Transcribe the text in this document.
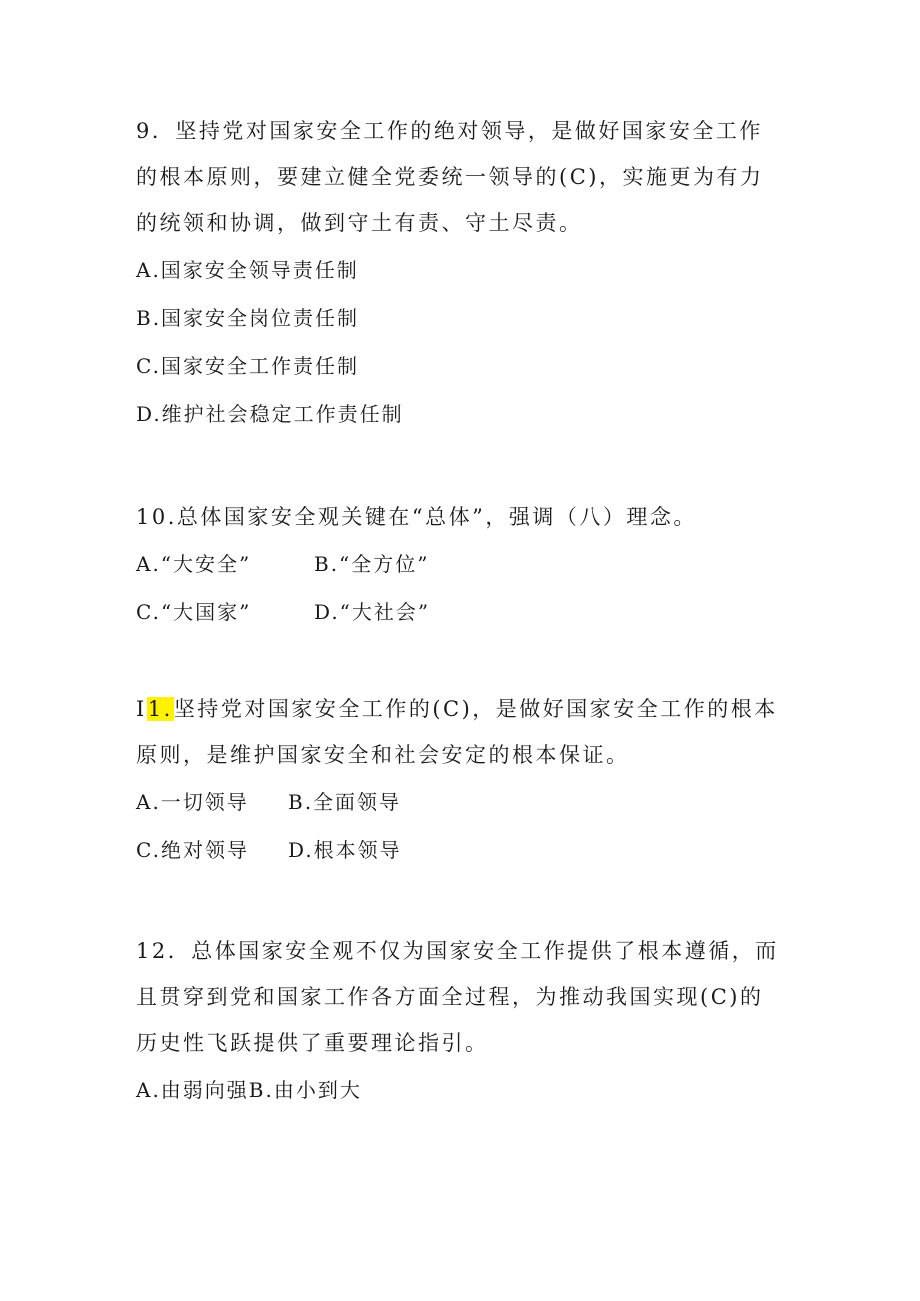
9．坚持党对国家安全工作的绝对领导，是做好国家安全工作的根本原则，要建立健全党委统一领导的(C)，实施更为有力的统领和协调，做到守土有责、守土尽责。

A.国家安全领导责任制

B.国家安全岗位责任制

C.国家安全工作责任制

D.维护社会稳定工作责任制

10.总体国家安全观关键在“总体”，强调（八）理念。

A.“大安全”	B.“全方位”

C.“大国家”	D.“大社会”

I1.坚持党对国家安全工作的(C)，是做好国家安全工作的根本原则，是维护国家安全和社会安定的根本保证。

A.一切领导 B.全面领导

C.绝对领导 D.根本领导

12．总体国家安全观不仅为国家安全工作提供了根本遵循，而且贯穿到党和国家工作各方面全过程，为推动我国实现(C)的历史性飞跃提供了重要理论指引。

A.由弱向强B.由小到大
